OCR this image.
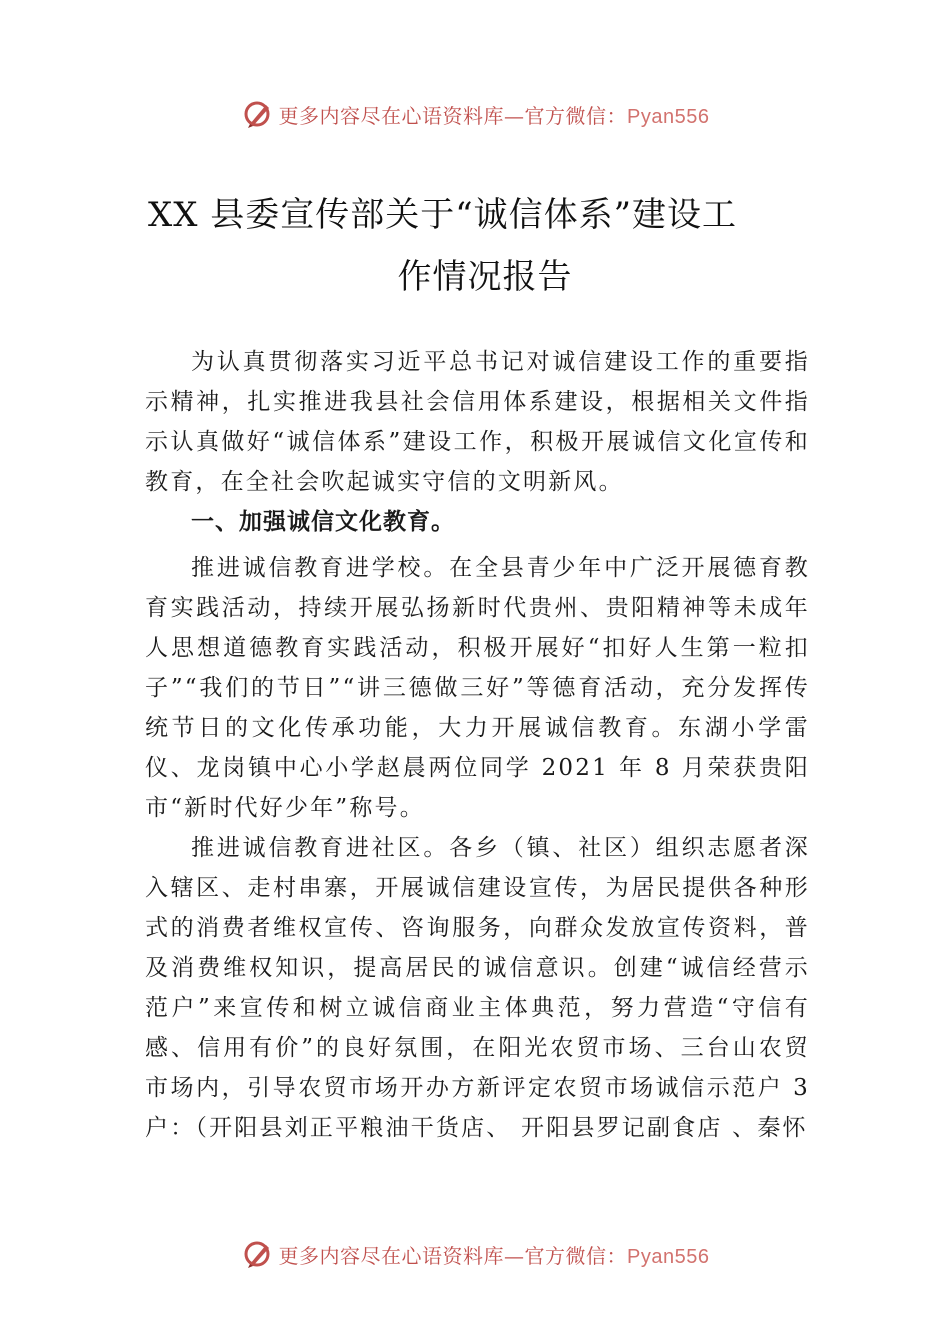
更多内容尽在心语资料库—官方微信：Pyan556
XX 县委宣传部关于“诚信体系”建设工
作情况报告

为认真贯彻落实习近平总书记对诚信建设工作的重要指示精神，扎实推进我县社会信用体系建设，根据相关文件指示认真做好“诚信体系”建设工作，积极开展诚信文化宣传和教育，在全社会吹起诚实守信的文明新风。

一、加强诚信文化教育。

推进诚信教育进学校。在全县青少年中广泛开展德育教育实践活动，持续开展弘扬新时代贵州、贵阳精神等未成年人思想道德教育实践活动，积极开展好“扣好人生第一粒扣子”“我们的节日”“讲三德做三好”等德育活动，充分发挥传统节日的文化传承功能，大力开展诚信教育。东湖小学雷仪、龙岗镇中心小学赵晨两位同学 2021 年 8 月荣获贵阳市“新时代好少年”称号。

推进诚信教育进社区。各乡（镇、社区）组织志愿者深入辖区、走村串寨，开展诚信建设宣传，为居民提供各种形 式的消费者维权宣传、咨询服务，向群众发放宣传资料，普及消费维权知识，提高居民的诚信意识。创建“诚信经营示范户”来宣传和树立诚信商业主体典范，努力营造“守信有感、信用有价”的良好氛围，在阳光农贸市场、三台山农贸市场内，引导农贸市场开办方新评定农贸市场诚信示范户 3 户：（开阳县刘正平粮油干货店、 开阳县罗记副食店 、秦怀

更多内容尽在心语资料库—官方微信：Pyan556
